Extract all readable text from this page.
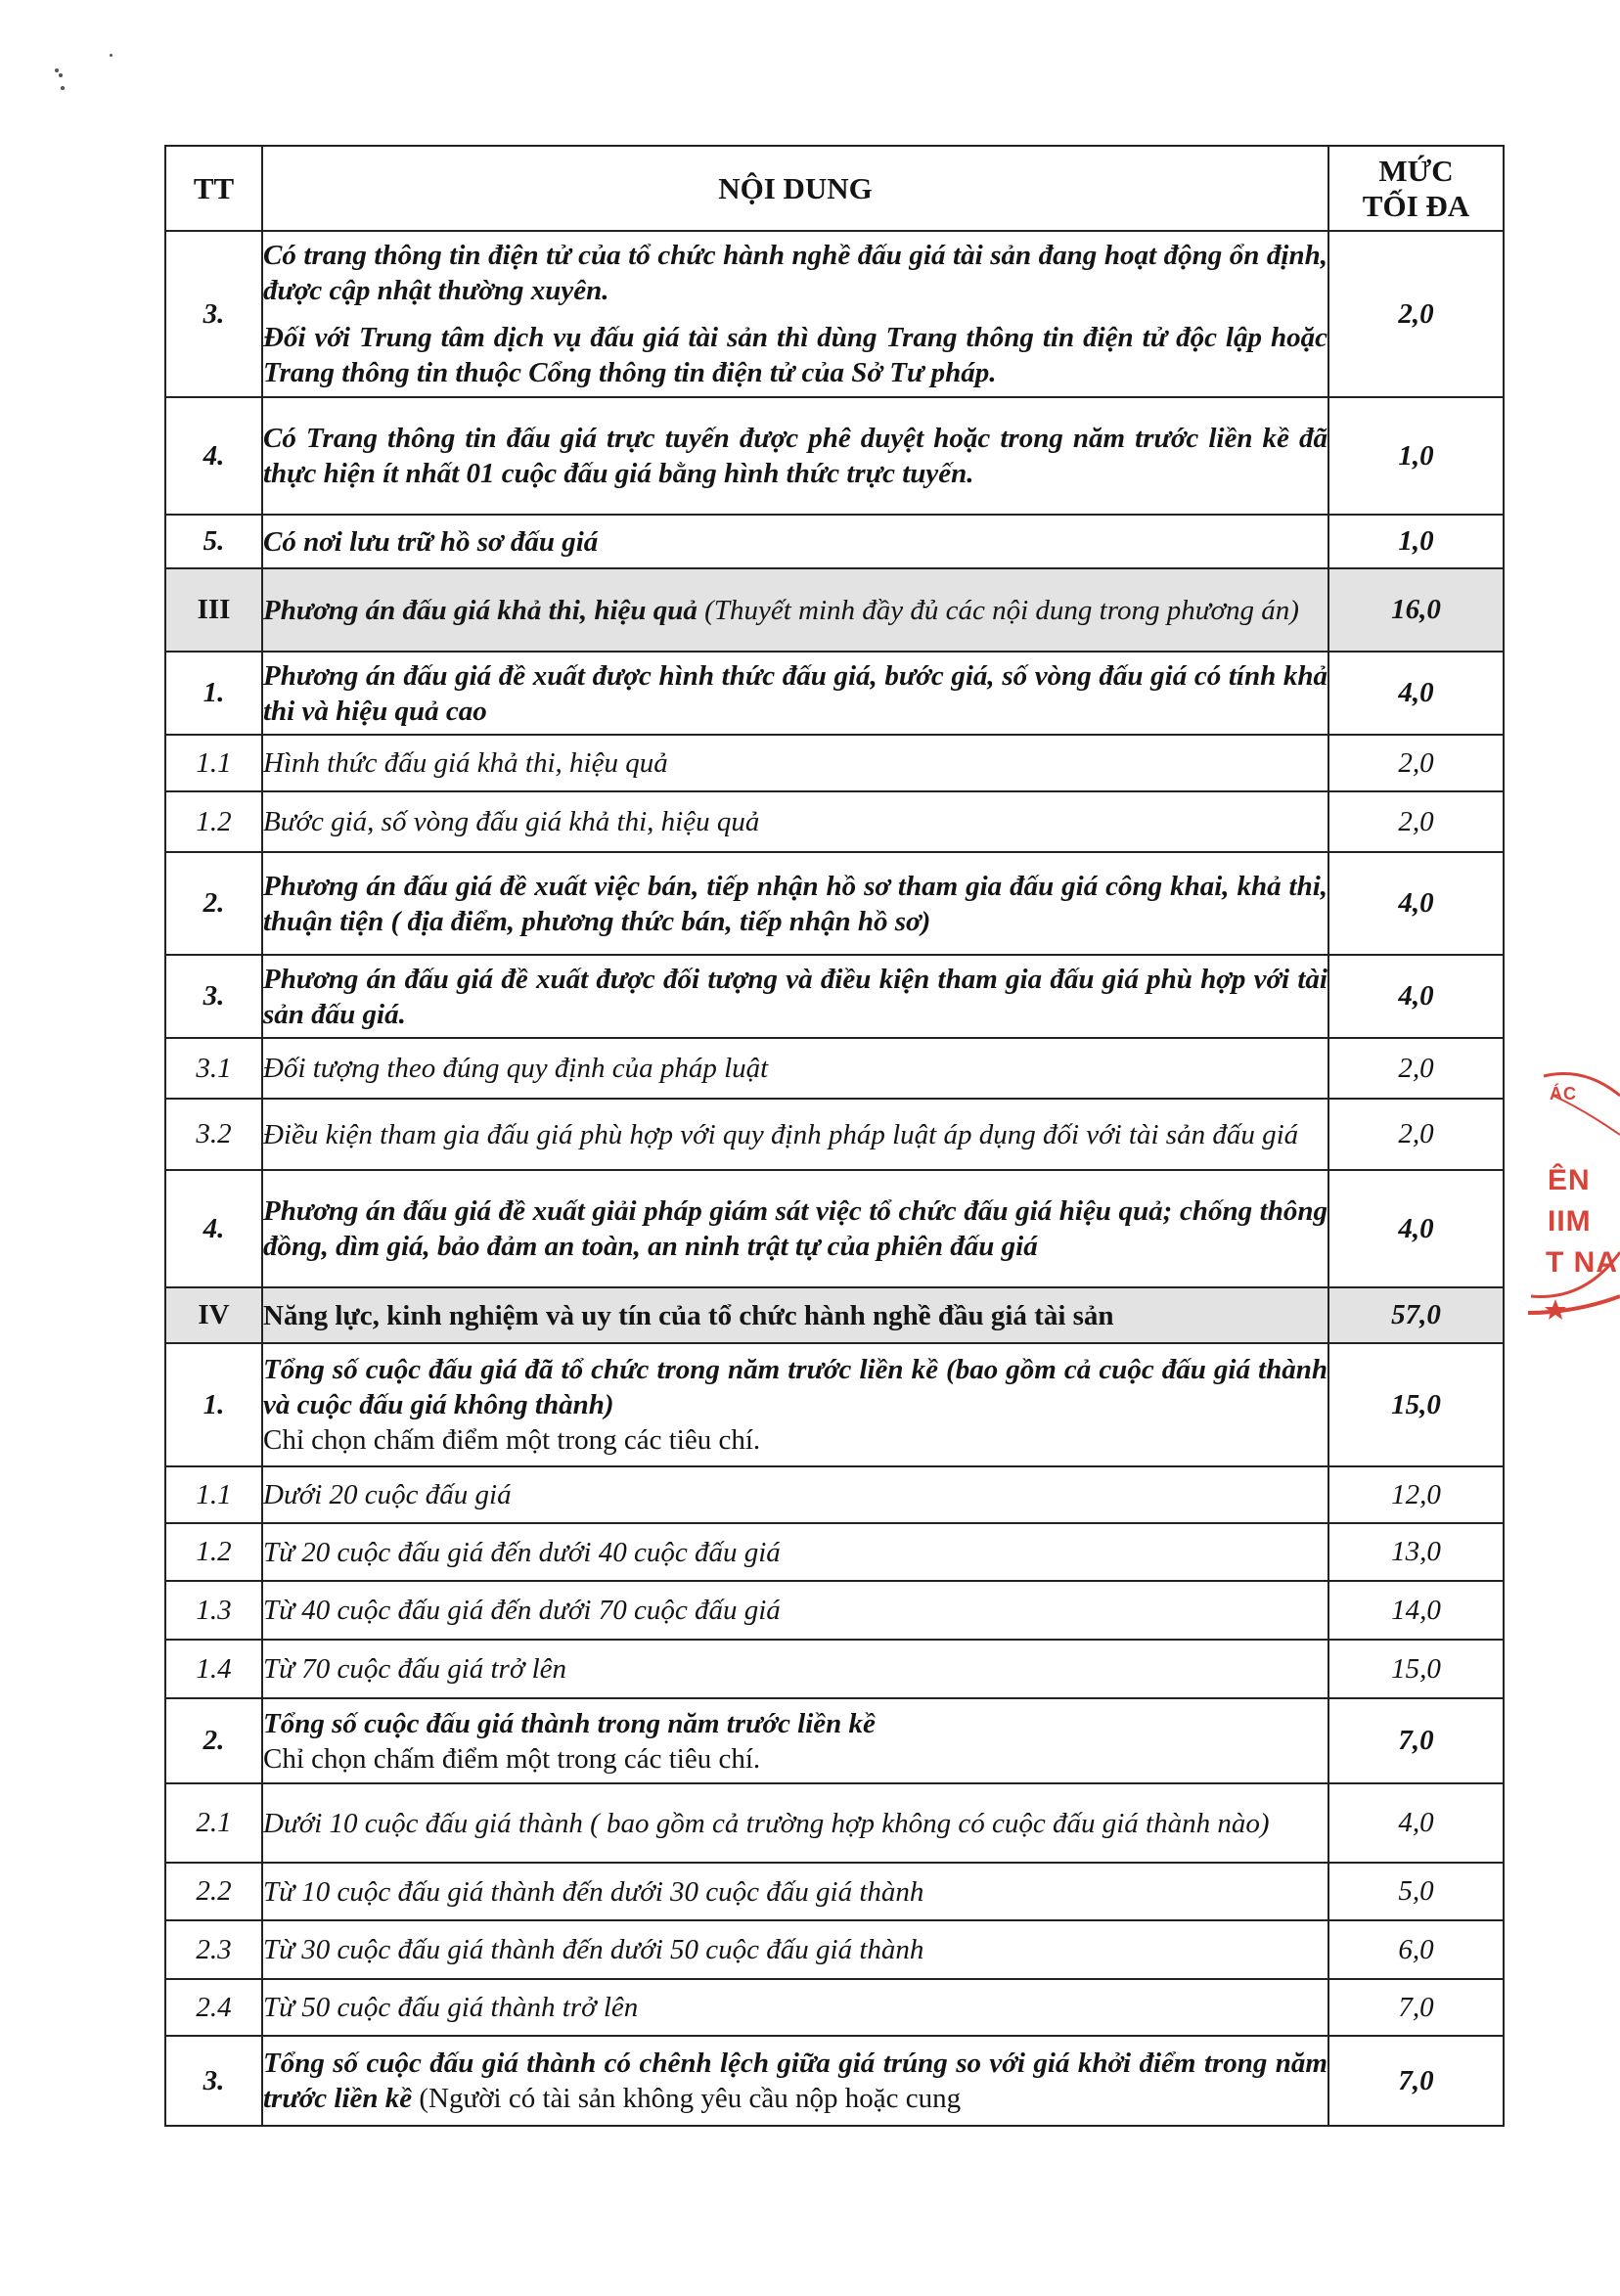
TT	NỘI DUNG	MỨC
TỐI ĐA

3.	Có trang thông tin điện tử của tổ chức hành nghề đấu giá tài sản đang hoạt động ổn định, được cập nhật thường xuyên.
Đối với Trung tâm dịch vụ đấu giá tài sản thì dùng Trang thông tin điện tử độc lập hoặc Trang thông tin thuộc Cổng thông tin điện tử của Sở Tư pháp.	2,0
4.	Có Trang thông tin đấu giá trực tuyến được phê duyệt hoặc trong năm trước liền kề đã thực hiện ít nhất 01 cuộc đấu giá bằng hình thức trực tuyến.	1,0
5.	Có nơi lưu trữ hồ sơ đấu giá	1,0
III	Phương án đấu giá khả thi, hiệu quả (Thuyết minh đầy đủ các nội dung trong phương án)	16,0
1.	Phương án đấu giá đề xuất được hình thức đấu giá, bước giá, số vòng đấu giá có tính khả thi và hiệu quả cao	4,0
1.1	Hình thức đấu giá khả thi, hiệu quả	2,0
1.2	Bước giá, số vòng đấu giá khả thi, hiệu quả	2,0
2.	Phương án đấu giá đề xuất việc bán, tiếp nhận hồ sơ tham gia đấu giá công khai, khả thi, thuận tiện ( địa điểm, phương thức bán, tiếp nhận hồ sơ)	4,0
3.	Phương án đấu giá đề xuất được đối tượng và điều kiện tham gia đấu giá phù hợp với tài sản đấu giá.	4,0
3.1	Đối tượng theo đúng quy định của pháp luật	2,0
3.2	Điều kiện tham gia đấu giá phù hợp với quy định pháp luật áp dụng đối với tài sản đấu giá	2,0
4.	Phương án đấu giá đề xuất giải pháp giám sát việc tổ chức đấu giá hiệu quả; chống thông đồng, dìm giá, bảo đảm an toàn, an ninh trật tự của phiên đấu giá	4,0
IV	Năng lực, kinh nghiệm và uy tín của tổ chức hành nghề đầu giá tài sản	57,0
1.	Tổng số cuộc đấu giá đã tổ chức trong năm trước liền kề (bao gồm cả cuộc đấu giá thành và cuộc đấu giá không thành)
Chỉ chọn chấm điểm một trong các tiêu chí.	15,0
1.1	Dưới 20 cuộc đấu giá	12,0
1.2	Từ 20 cuộc đấu giá đến dưới 40 cuộc đấu giá	13,0
1.3	Từ 40 cuộc đấu giá đến dưới 70 cuộc đấu giá	14,0
1.4	Từ 70 cuộc đấu giá trở lên	15,0
2.	Tổng số cuộc đấu giá thành trong năm trước liền kề
Chỉ chọn chấm điểm một trong các tiêu chí.	7,0
2.1	Dưới 10 cuộc đấu giá thành ( bao gồm cả trường hợp không có cuộc đấu giá thành nào)	4,0
2.2	Từ 10 cuộc đấu giá thành đến dưới 30 cuộc đấu giá thành	5,0
2.3	Từ 30 cuộc đấu giá thành đến dưới 50 cuộc đấu giá thành	6,0
2.4	Từ 50 cuộc đấu giá thành trở lên	7,0
3.	Tổng số cuộc đấu giá thành có chênh lệch giữa giá trúng so với giá khởi điểm trong năm trước liền kề (Người có tài sản không yêu cầu nộp hoặc cung	7,0
ÁC
ÊN
IIM
T NA
